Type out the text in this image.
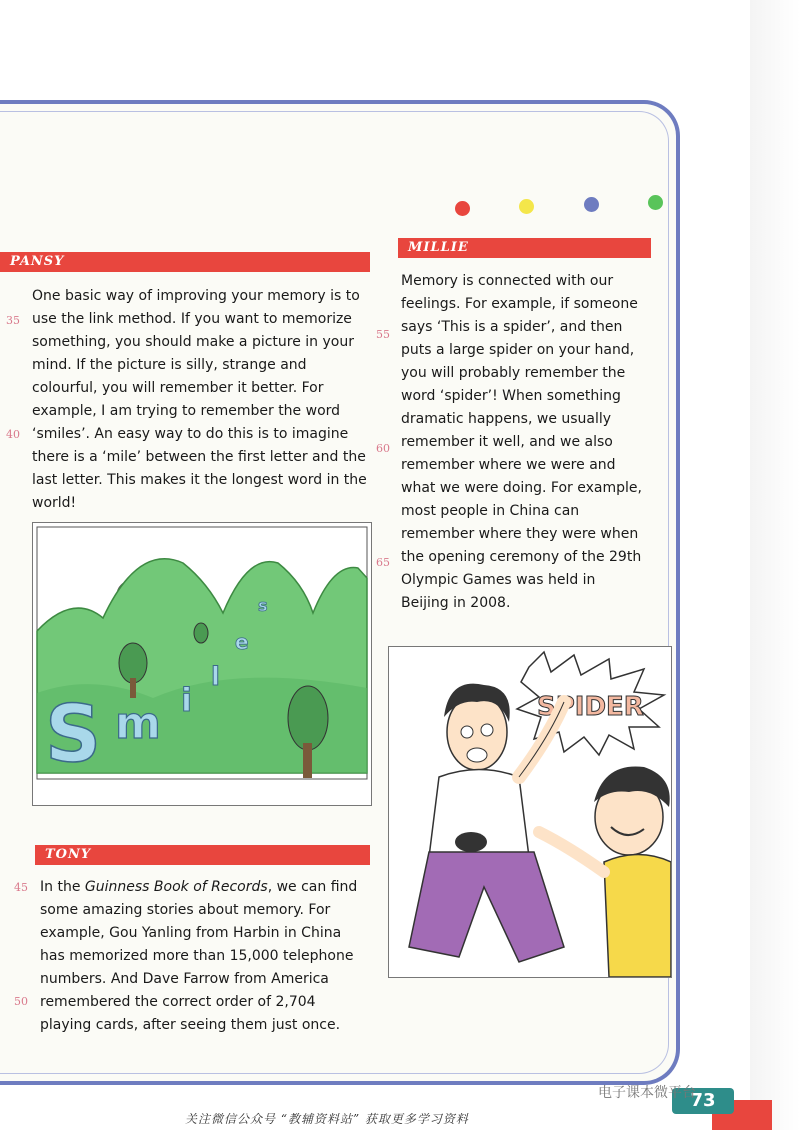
PANSY
One basic way of improving your memory is to
use the link method. If you want to memorize
something, you should make a picture in your
mind. If the picture is silly, strange and
colourful, you will remember it better. For
example, I am trying to remember the word
‘smiles’. An easy way to do this is to imagine
there is a ‘mile’ between the first letter and the
last letter. This makes it the longest word in the
world!
35
40
S m i
l
e
s
TONY
In the Guinness Book of Records, we can find
some amazing stories about memory. For
example, Gou Yanling from Harbin in China
has memorized more than 15,000 telephone
numbers. And Dave Farrow from America
remembered the correct order of 2,704
playing cards, after seeing them just once.
45
50
MILLIE
Memory is connected with our
feelings. For example, if someone
says ‘This is a spider’, and then
puts a large spider on your hand,
you will probably remember the
word ‘spider’! When something
dramatic happens, we usually
remember it well, and we also
remember where we were and
what we were doing. For example,
most people in China can
remember where they were when
the opening ceremony of the 29th
Olympic Games was held in
Beijing in 2008.
55
60
65
SPIDER
73
电子课本微平台
关注微信公众号 “教辅资料站” 获取更多学习资料
